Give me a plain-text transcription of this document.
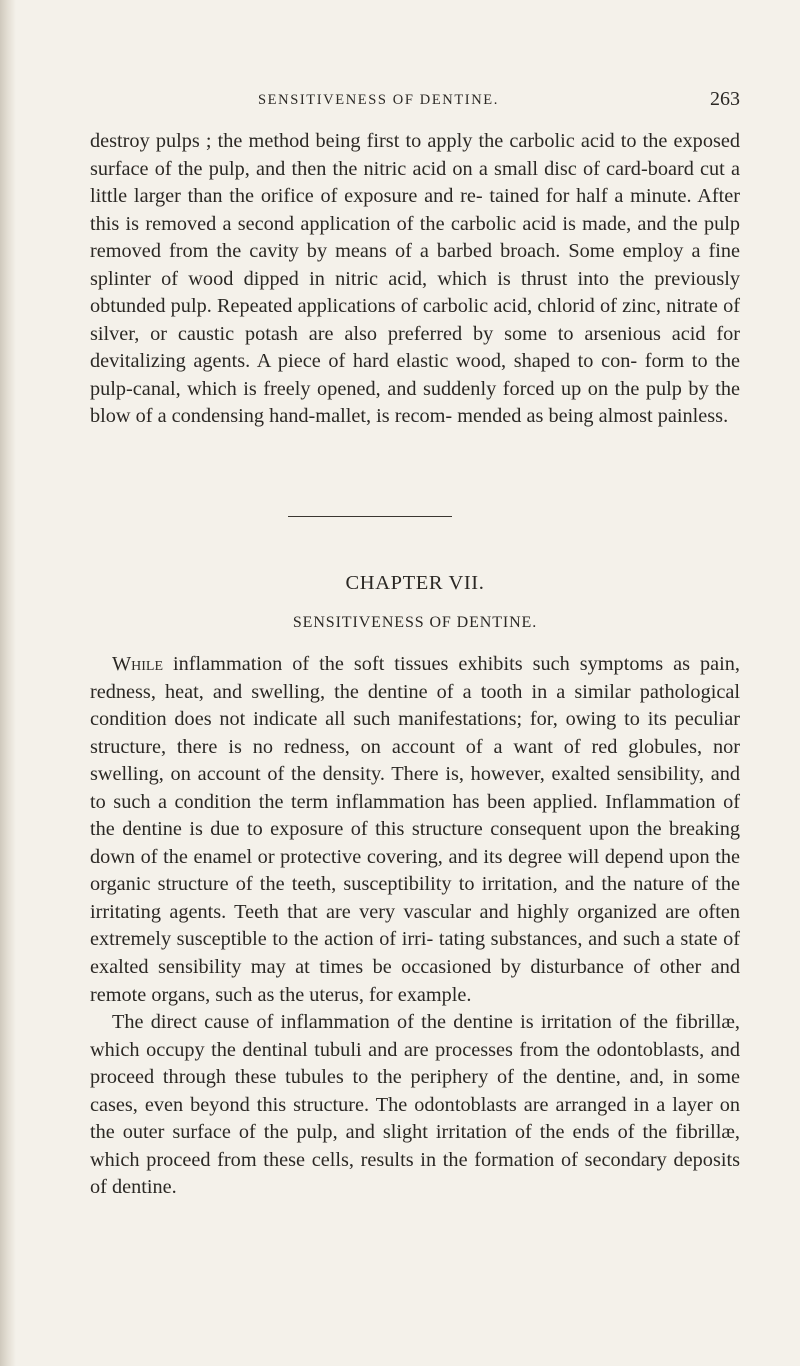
SENSITIVENESS OF DENTINE.	263

destroy pulps ; the method being first to apply the carbolic acid to the exposed surface of the pulp, and then the nitric acid on a small disc of card-board cut a little larger than the orifice of exposure and re- tained for half a minute. After this is removed a second application of the carbolic acid is made, and the pulp removed from the cavity by means of a barbed broach. Some employ a fine splinter of wood dipped in nitric acid, which is thrust into the previously obtunded pulp. Repeated applications of carbolic acid, chlorid of zinc, nitrate of silver, or caustic potash are also preferred by some to arsenious acid for devitalizing agents. A piece of hard elastic wood, shaped to con- form to the pulp-canal, which is freely opened, and suddenly forced up on the pulp by the blow of a condensing hand-mallet, is recom- mended as being almost painless.

CHAPTER VII.
SENSITIVENESS OF DENTINE.

While inflammation of the soft tissues exhibits such symptoms as pain, redness, heat, and swelling, the dentine of a tooth in a similar pathological condition does not indicate all such manifestations; for, owing to its peculiar structure, there is no redness, on account of a want of red globules, nor swelling, on account of the density. There is, however, exalted sensibility, and to such a condition the term inflammation has been applied. Inflammation of the dentine is due to exposure of this structure consequent upon the breaking down of the enamel or protective covering, and its degree will depend upon the organic structure of the teeth, susceptibility to irritation, and the nature of the irritating agents. Teeth that are very vascular and highly organized are often extremely susceptible to the action of irri- tating substances, and such a state of exalted sensibility may at times be occasioned by disturbance of other and remote organs, such as the uterus, for example.

The direct cause of inflammation of the dentine is irritation of the fibrillæ, which occupy the dentinal tubuli and are processes from the odontoblasts, and proceed through these tubules to the periphery of the dentine, and, in some cases, even beyond this structure. The odontoblasts are arranged in a layer on the outer surface of the pulp, and slight irritation of the ends of the fibrillæ, which proceed from these cells, results in the formation of secondary deposits of dentine.
